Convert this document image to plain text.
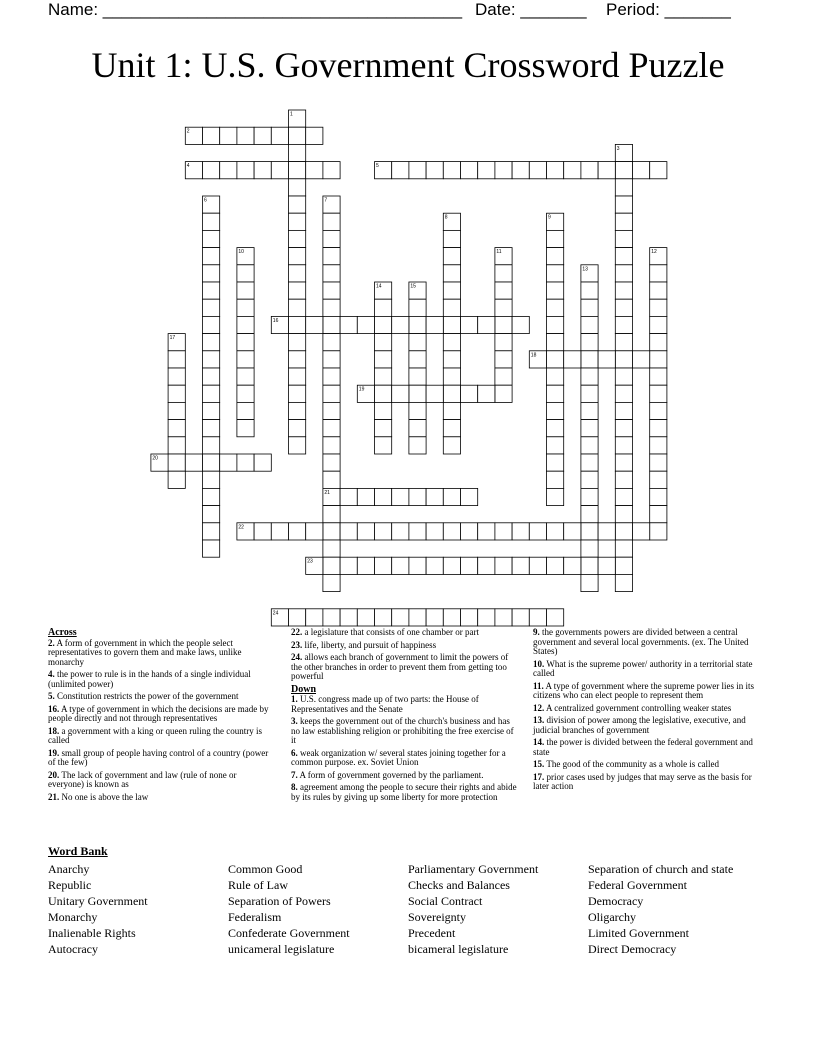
Name: ______________________________________ Date: _______ Period: _______
Unit 1: U.S. Government Crossword Puzzle
1
2
3
4	5
6	7
8	9
10	11	12
13
14	15
16
17
18
19
20
21
22
23
24
Across
2. A form of government in which the people select representatives to govern them and make laws, unlike monarchy
4. the power to rule is in the hands of a single individual (unlimited power)
5. Constitution restricts the power of the government
16. A type of government in which the decisions are made by people directly and not through representatives
18. a government with a king or queen ruling the country is called
19. small group of people having control of a country (power of the few)
20. The lack of government and law (rule of none or everyone) is known as
21. No one is above the law
22. a legislature that consists of one chamber or part
23. life, liberty, and pursuit of happiness
24. allows each branch of government to limit the powers of the other branches in order to prevent them from getting too powerful
Down
1. U.S. congress made up of two parts: the House of Representatives and the Senate
3. keeps the government out of the church's business and has no law establishing religion or prohibiting the free exercise of it
6. weak organization w/ several states joining together for a common purpose. ex. Soviet Union
7. A form of government governed by the parliament.
8. agreement among the people to secure their rights and abide by its rules by giving up some liberty for more protection
9. the governments powers are divided between a central government and several local governments. (ex. The United States)
10. What is the supreme power/ authority in a territorial state called
11. A type of government where the supreme power lies in its citizens who can elect people to represent them
12. A centralized government controlling weaker states
13. division of power among the legislative, executive, and judicial branches of government
14. the power is divided between the federal government and state
15. The good of the community as a whole is called
17. prior cases used by judges that may serve as the basis for later action
Word Bank
Anarchy
Republic
Unitary Government
Monarchy
Inalienable Rights
Autocracy
Common Good
Rule of Law
Separation of Powers
Federalism
Confederate Government
unicameral legislature
Parliamentary Government
Checks and Balances
Social Contract
Sovereignty
Precedent
bicameral legislature
Separation of church and state
Federal Government
Democracy
Oligarchy
Limited Government
Direct Democracy
